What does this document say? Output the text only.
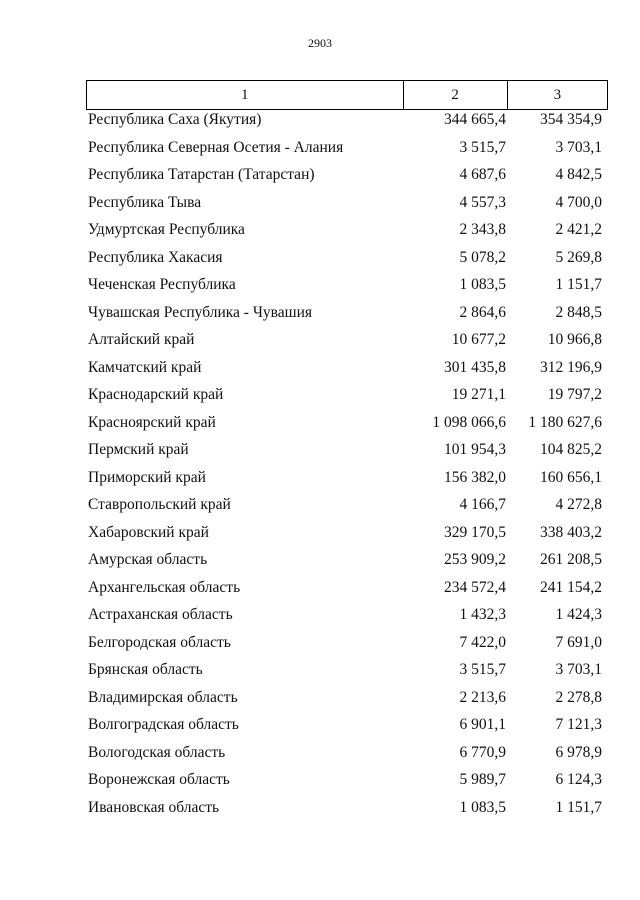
2903
1	2	3
Республика Саха (Якутия)	344 665,4	354 354,9
Республика Северная Осетия - Алания	3 515,7	3 703,1
Республика Татарстан (Татарстан)	4 687,6	4 842,5
Республика Тыва	4 557,3	4 700,0
Удмуртская Республика	2 343,8	2 421,2
Республика Хакасия	5 078,2	5 269,8
Чеченская Республика	1 083,5	1 151,7
Чувашская Республика - Чувашия	2 864,6	2 848,5
Алтайский край	10 677,2	10 966,8
Камчатский край	301 435,8	312 196,9
Краснодарский край	19 271,1	19 797,2
Красноярский край	1 098 066,6	1 180 627,6
Пермский край	101 954,3	104 825,2
Приморский край	156 382,0	160 656,1
Ставропольский край	4 166,7	4 272,8
Хабаровский край	329 170,5	338 403,2
Амурская область	253 909,2	261 208,5
Архангельская область	234 572,4	241 154,2
Астраханская область	1 432,3	1 424,3
Белгородская область	7 422,0	7 691,0
Брянская область	3 515,7	3 703,1
Владимирская область	2 213,6	2 278,8
Волгоградская область	6 901,1	7 121,3
Вологодская область	6 770,9	6 978,9
Воронежская область	5 989,7	6 124,3
Ивановская область	1 083,5	1 151,7
